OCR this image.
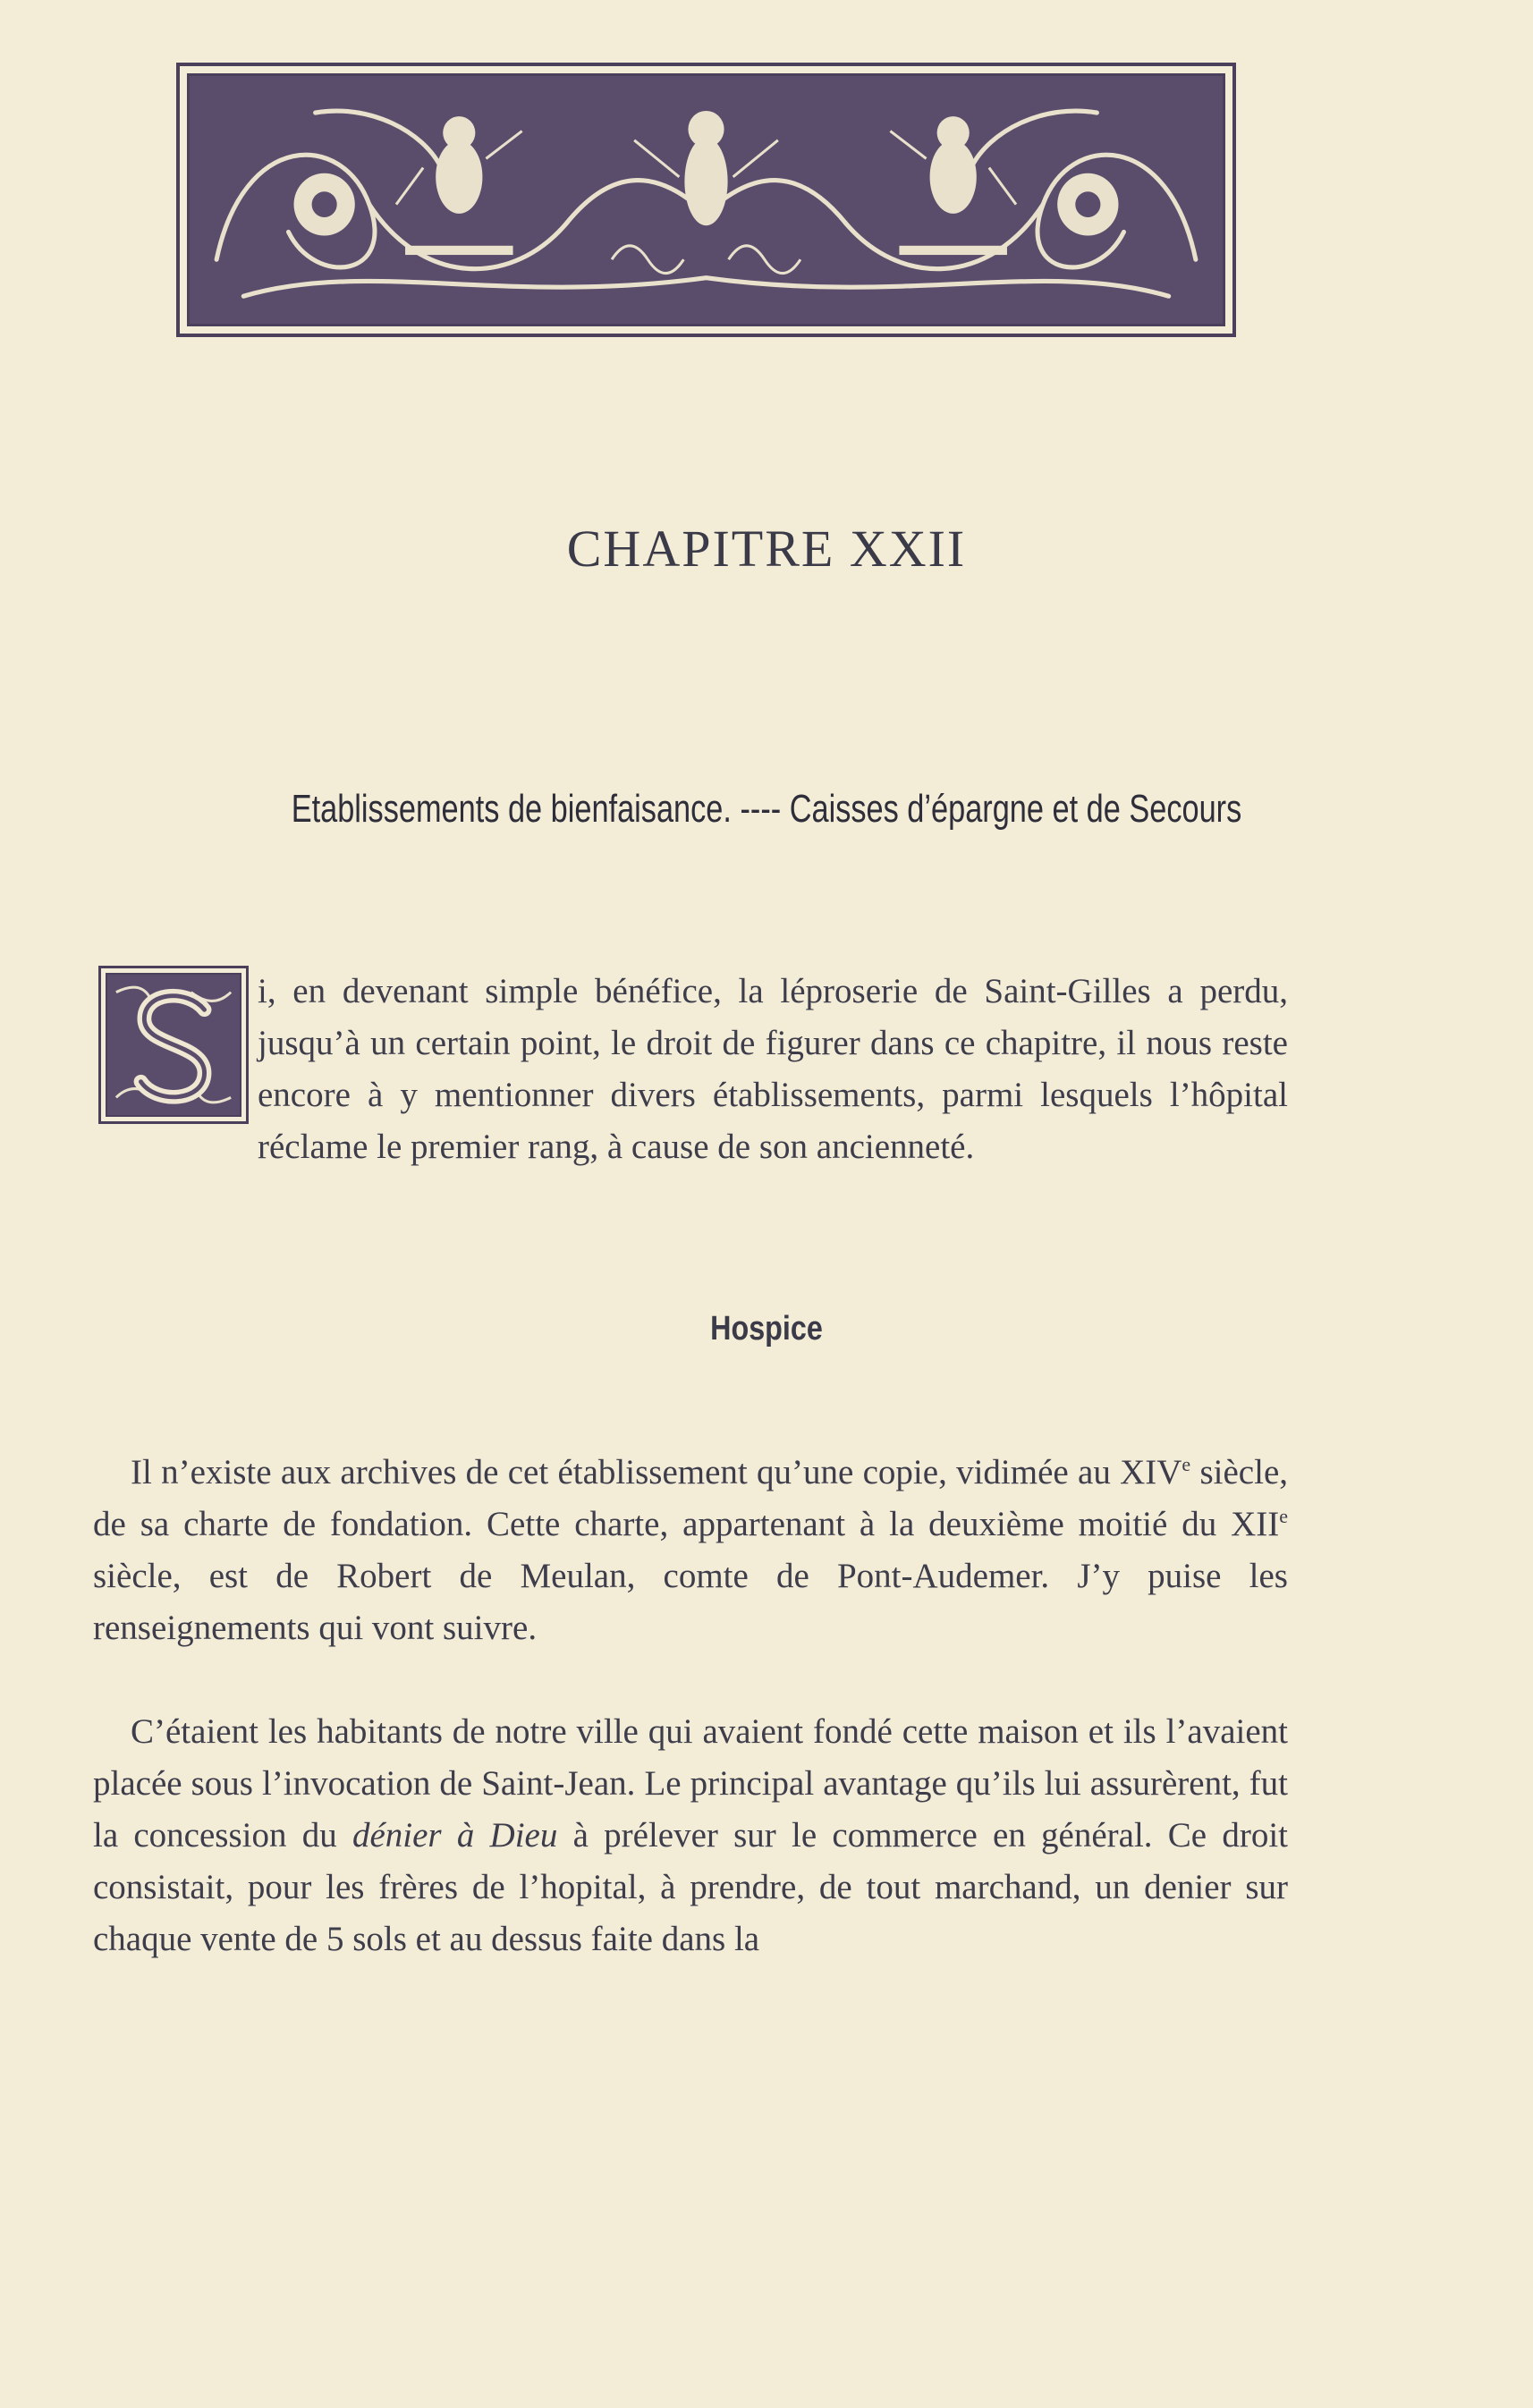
CHAPITRE XXII
Etablissements de bienfaisance. ---- Caisses d’épargne et de Secours

i, en devenant simple bénéfice, la léproserie de Saint-Gilles a perdu, jusqu’à un certain point, le droit de figurer dans ce chapitre, il nous reste encore à y mentionner divers établissements, parmi lesquels l’hôpital réclame le premier rang, à cause de son ancienneté.

Hospice

Il n’existe aux archives de cet établissement qu’une copie, vidimée au XIVe siècle, de sa charte de fondation. Cette charte, appartenant à la deuxième moitié du XIIe siècle, est de Robert de Meulan, comte de Pont-Audemer. J’y puise les renseignements qui vont suivre.

C’étaient les habitants de notre ville qui avaient fondé cette maison et ils l’avaient placée sous l’invocation de Saint-Jean. Le principal avantage qu’ils lui assurèrent, fut la concession du dénier à Dieu à prélever sur le commerce en général. Ce droit consistait, pour les frères de l’hopital, à prendre, de tout marchand, un denier sur chaque vente de 5 sols et au dessus faite dans la
